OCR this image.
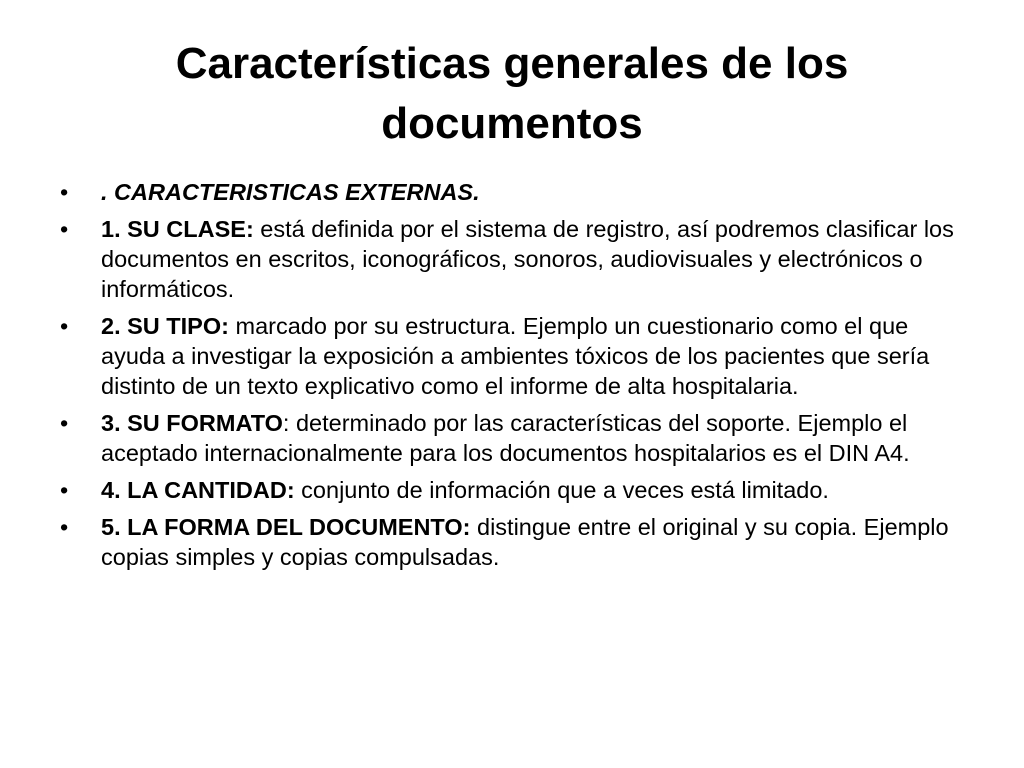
Características generales de los documentos
•	. CARACTERISTICAS EXTERNAS.
•	1. SU CLASE: está definida por el sistema de registro, así podremos clasificar los documentos en escritos, iconográficos, sonoros, audiovisuales y electrónicos o informáticos.
•	2. SU TIPO: marcado por su estructura. Ejemplo un cuestionario como el que ayuda a investigar la exposición a ambientes tóxicos de los pacientes que sería distinto de un texto explicativo como el informe de alta hospitalaria.
•	3. SU FORMATO: determinado por las características del soporte. Ejemplo el aceptado internacionalmente para los documentos hospitalarios es el DIN A4.
•	4. LA CANTIDAD: conjunto de información que a veces está limitado.
•	5. LA FORMA DEL DOCUMENTO: distingue entre el original y su copia. Ejemplo copias simples y copias compulsadas.
